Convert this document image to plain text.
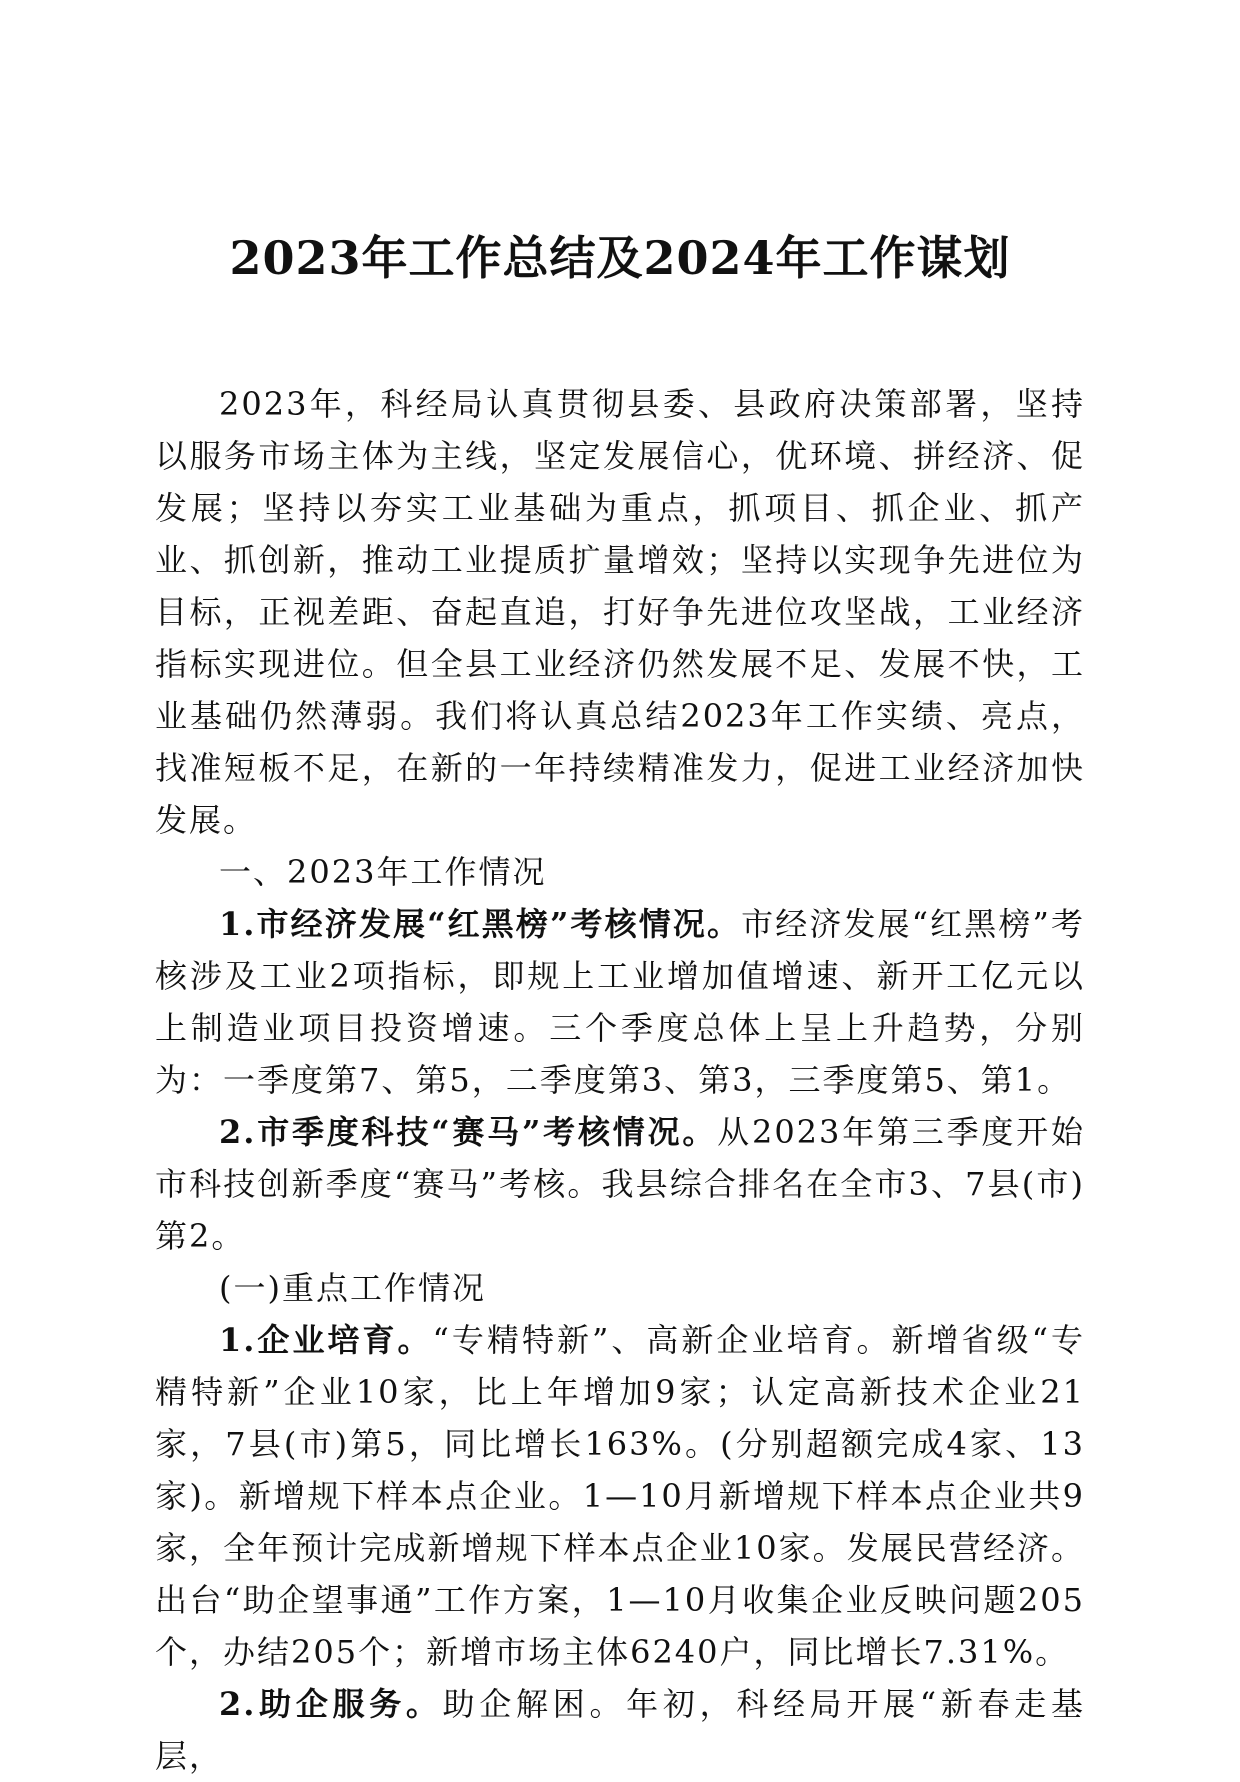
2023年工作总结及2024年工作谋划

2023年，科经局认真贯彻县委、县政府决策部署，坚持以服务市场主体为主线，坚定发展信心，优环境、拼经济、促发展；坚持以夯实工业基础为重点，抓项目、抓企业、抓产业、抓创新，推动工业提质扩量增效；坚持以实现争先进位为目标，正视差距、奋起直追，打好争先进位攻坚战，工业经济指标实现进位。但全县工业经济仍然发展不足、发展不快，工业基础仍然薄弱。我们将认真总结2023年工作实绩、亮点，找准短板不足，在新的一年持续精准发力，促进工业经济加快发展。

一、2023年工作情况

1.市经济发展“红黑榜”考核情况。市经济发展“红黑榜”考核涉及工业2项指标，即规上工业增加值增速、新开工亿元以上制造业项目投资增速。三个季度总体上呈上升趋势，分别为：一季度第7、第5，二季度第3、第3，三季度第5、第1。

2.市季度科技“赛马”考核情况。从2023年第三季度开始市科技创新季度“赛马”考核。我县综合排名在全市3、7县(市)第2。

(一)重点工作情况

1.企业培育。“专精特新”、高新企业培育。新增省级“专精特新”企业10家，比上年增加9家；认定高新技术企业21家，7县(市)第5，同比增长163%。(分别超额完成4家、13家)。新增规下样本点企业。1—10月新增规下样本点企业共9家，全年预计完成新增规下样本点企业10家。发展民营经济。出台“助企望事通”工作方案，1—10月收集企业反映问题205个，办结205个；新增市场主体6240户，同比增长7.31%。

2.助企服务。助企解困。年初，科经局开展“新春走基层，
